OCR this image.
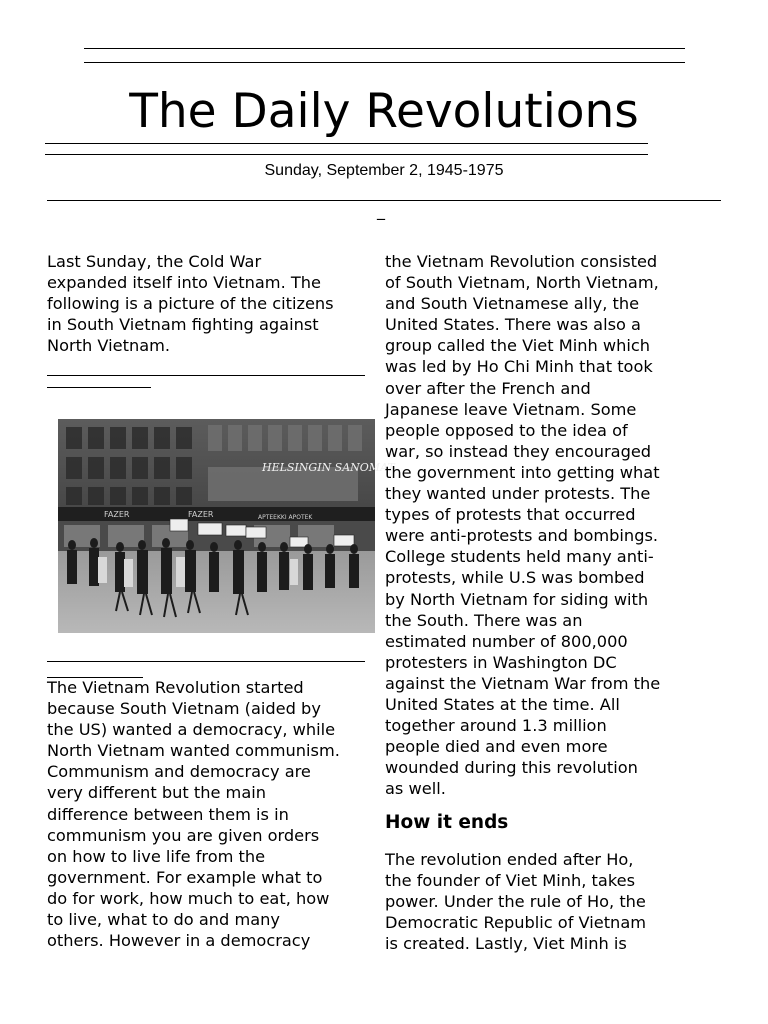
The Daily Revolutions
Sunday, September 2, 1945-1975
_

Last Sunday, the Cold War
expanded itself into Vietnam. The
following is a picture of the citizens
in South Vietnam fighting against
North Vietnam.

FAZER	FAZER	APTEEKKI APOTEK
HELSINGIN SANOMAT

The Vietnam Revolution started
because South Vietnam (aided by
the US) wanted a democracy, while
North Vietnam wanted communism.
Communism and democracy are
very different but the main
difference between them is in
communism you are given orders
on how to live life from the
government. For example what to
do for work, how much to eat, how
to live, what to do and many
others. However in a democracy

the Vietnam Revolution consisted
of South Vietnam, North Vietnam,
and South Vietnamese ally, the
United States. There was also a
group called the Viet Minh which
was led by Ho Chi Minh that took
over after the French and
Japanese leave Vietnam. Some
people opposed to the idea of
war, so instead they encouraged
the government into getting what
they wanted under protests. The
types of protests that occurred
were anti-protests and bombings.
College students held many anti-
protests, while U.S was bombed
by North Vietnam for siding with
the South. There was an
estimated number of 800,000
protesters in Washington DC
against the Vietnam War from the
United States at the time. All
together around 1.3 million
people died and even more
wounded during this revolution
as well.

How it ends

The revolution ended after Ho,
the founder of Viet Minh, takes
power. Under the rule of Ho, the
Democratic Republic of Vietnam
is created. Lastly, Viet Minh is
